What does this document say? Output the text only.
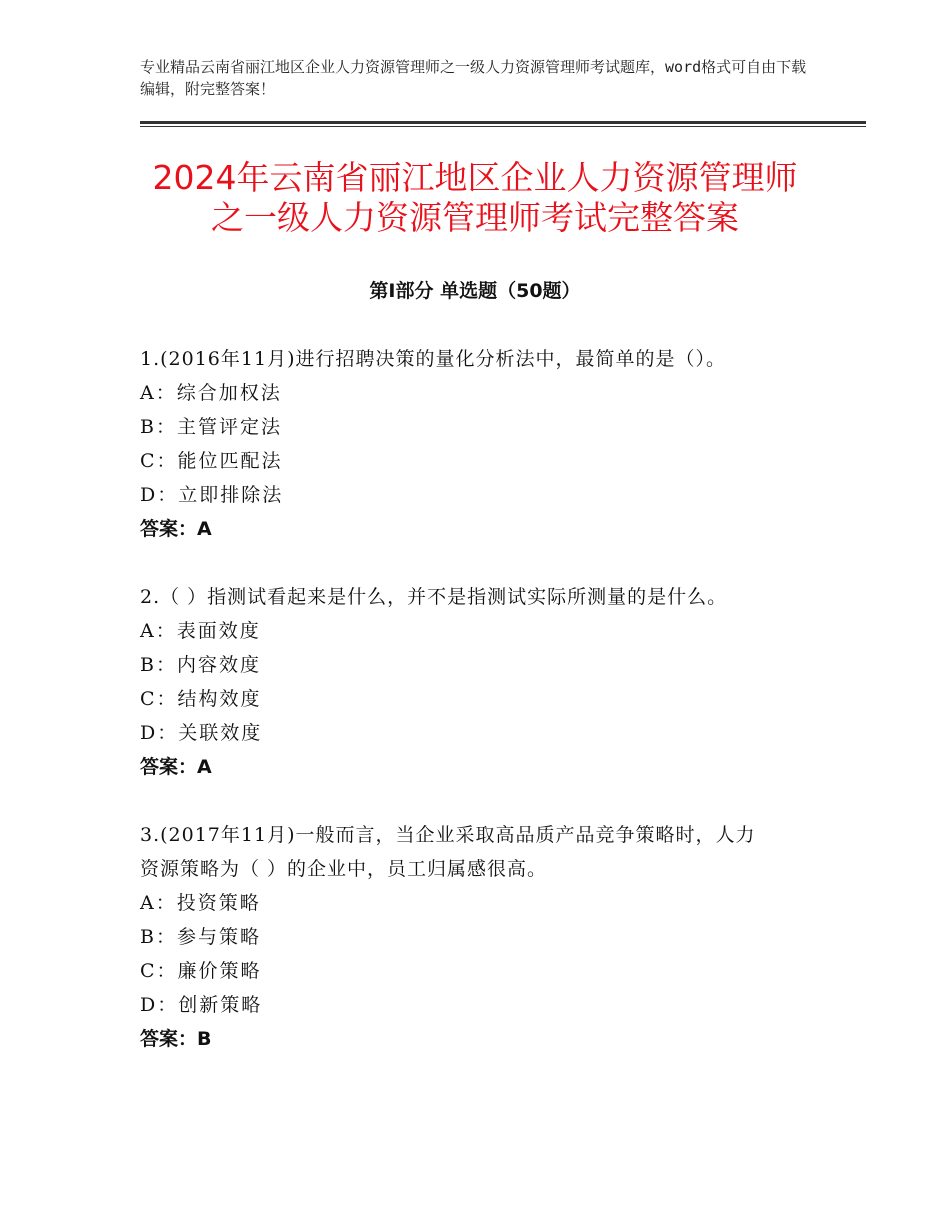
专业精品云南省丽江地区企业人力资源管理师之一级人力资源管理师考试题库，word格式可自由下载编辑，附完整答案！
2024年云南省丽江地区企业人力资源管理师
之一级人力资源管理师考试完整答案
第Ⅰ部分 单选题（50题）
1.(2016年11月)进行招聘决策的量化分析法中，最简单的是（）。
A：综合加权法
B：主管评定法
C：能位匹配法
D：立即排除法
答案：A
2.（ ）指测试看起来是什么，并不是指测试实际所测量的是什么。
A：表面效度
B：内容效度
C：结构效度
D：关联效度
答案：A
3.(2017年11月)一般而言，当企业采取高品质产品竞争策略时，人力
资源策略为（ ）的企业中，员工归属感很高。
A：投资策略
B：参与策略
C：廉价策略
D：创新策略
答案：B
